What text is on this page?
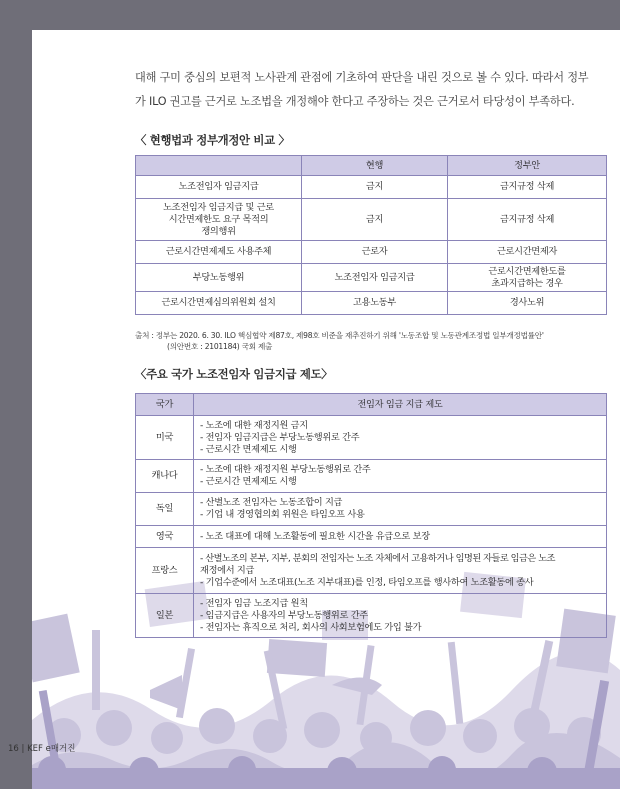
대해 구미 중심의 보편적 노사관계 관점에 기초하여 판단을 내린 것으로 볼 수 있다. 따라서 정부

가 ILO 권고를 근거로 노조법을 개정해야 한다고 주장하는 것은 근거로서 타당성이 부족하다.

〈 현행법과 정부개정안 비교 〉
	현행	정부안
노조전임자 임금지급	금지	금지규정 삭제
노조전임자 임금지급 및 근로
시간면제한도 요구 목적의
쟁의행위	금지	금지규정 삭제
근로시간면제제도 사용주체	근로자	근로시간면제자
부당노동행위	노조전임자 임금지급	근로시간면제한도를
초과지급하는 경우
근로시간면제심의위원회 설치	고용노동부	경사노위
출처 : 정부는 2020. 6. 30. ILO 핵심협약 제87호, 제98호 비준을 재추진하기 위해 '노동조합 및 노동관계조정법 일부개정법률안'
(의안번호 : 2101184) 국회 제출
〈주요 국가 노조전임자 임금지급 제도〉
국가	전임자 임금 지급 제도
미국	- 노조에 대한 재정지원 금지
- 전임자 임금지급은 부당노동행위로 간주
- 근로시간 면제제도 시행

캐나다	- 노조에 대한 재정지원 부당노동행위로 간주
- 근로시간 면제제도 시행

독일	- 산별노조 전임자는 노동조합이 지급
- 기업 내 경영협의회 위원은 타임오프 사용

영국	- 노조 대표에 대해 노조활동에 필요한 시간을 유급으로 보장

프랑스	- 산별노조의 본부, 지부, 분회의 전임자는 노조 자체에서 고용하거나 임명된 자들로 임금은 노조
재정에서 지급
- 기업수준에서 노조대표(노조 지부대표)를 인정, 타임오프를 행사하여 노조활동에 종사

일본	- 전임자 임금 노조지급 원칙
- 임금지급은 사용자의 부당노동행위로 간주
- 전임자는 휴직으로 처리, 회사의 사회보험에도 가입 불가
16 | KEF e매거진
